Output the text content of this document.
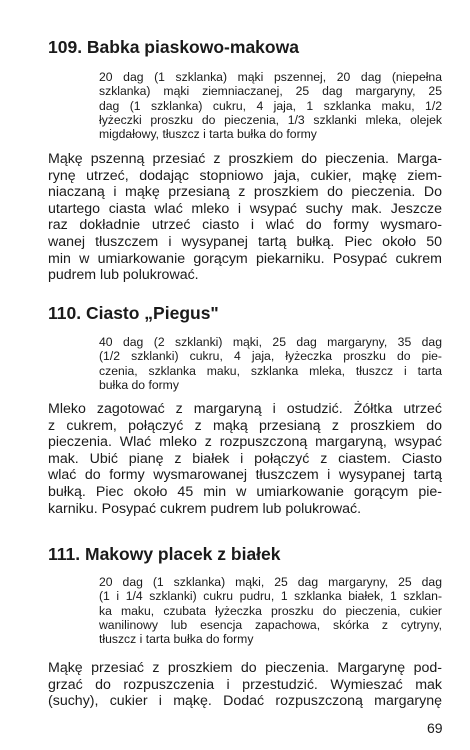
109. Babka piaskowo-makowa
20 dag (1 szklanka) mąki pszennej, 20 dag (niepełna
szklanka) mąki ziemniaczanej, 25 dag margaryny, 25
dag (1 szklanka) cukru, 4 jaja, 1 szklanka maku, 1/2
łyżeczki proszku do pieczenia, 1/3 szklanki mleka, olejek
migdałowy, tłuszcz i tarta bułka do formy
Mąkę pszenną przesiać z proszkiem do pieczenia. Marga-
rynę utrzeć, dodając stopniowo jaja, cukier, mąkę ziem-
niaczaną i mąkę przesianą z proszkiem do pieczenia. Do
utartego ciasta wlać mleko i wsypać suchy mak. Jeszcze
raz dokładnie utrzeć ciasto i wlać do formy wysmaro-
wanej tłuszczem i wysypanej tartą bułką. Piec około 50
min w umiarkowanie gorącym piekarniku. Posypać cukrem
pudrem lub polukrować.
110. Ciasto „Piegus"
40 dag (2 szklanki) mąki, 25 dag margaryny, 35 dag
(1/2 szklanki) cukru, 4 jaja, łyżeczka proszku do pie-
czenia, szklanka maku, szklanka mleka, tłuszcz i tarta
bułka do formy
Mleko zagotować z margaryną i ostudzić. Żółtka utrzeć
z cukrem, połączyć z mąką przesianą z proszkiem do
pieczenia. Wlać mleko z rozpuszczoną margaryną, wsypać
mak. Ubić pianę z białek i połączyć z ciastem. Ciasto
wlać do formy wysmarowanej tłuszczem i wysypanej tartą
bułką. Piec około 45 min w umiarkowanie gorącym pie-
karniku. Posypać cukrem pudrem lub polukrować.
111. Makowy placek z białek
20 dag (1 szklanka) mąki, 25 dag margaryny, 25 dag
(1 i 1/4 szklanki) cukru pudru, 1 szklanka białek, 1 szklan-
ka maku, czubata łyżeczka proszku do pieczenia, cukier
wanilinowy lub esencja zapachowa, skórka z cytryny,
tłuszcz i tarta bułka do formy
Mąkę przesiać z proszkiem do pieczenia. Margarynę pod-
grzać do rozpuszczenia i przestudzić. Wymieszać mak
(suchy), cukier i mąkę. Dodać rozpuszczoną margarynę
69
